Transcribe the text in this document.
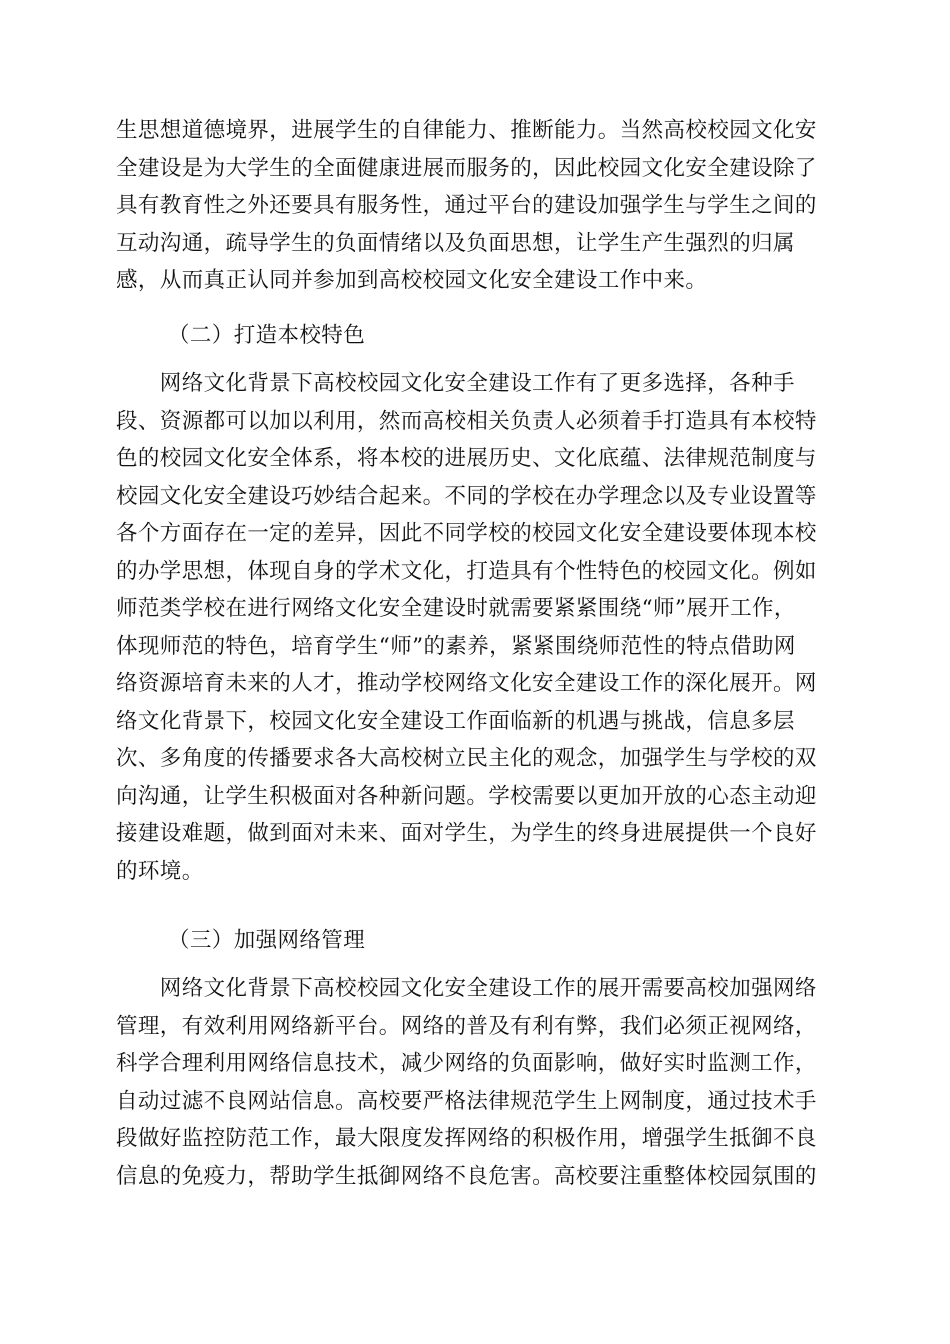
生思想道德境界，进展学生的自律能力、推断能力。当然高校校园文化安
全建设是为大学生的全面健康进展而服务的，因此校园文化安全建设除了
具有教育性之外还要具有服务性，通过平台的建设加强学生与学生之间的
互动沟通，疏导学生的负面情绪以及负面思想，让学生产生强烈的归属
感，从而真正认同并参加到高校校园文化安全建设工作中来。
（二）打造本校特色
　　网络文化背景下高校校园文化安全建设工作有了更多选择，各种手
段、资源都可以加以利用，然而高校相关负责人必须着手打造具有本校特
色的校园文化安全体系，将本校的进展历史、文化底蕴、法律规范制度与
校园文化安全建设巧妙结合起来。不同的学校在办学理念以及专业设置等
各个方面存在一定的差异，因此不同学校的校园文化安全建设要体现本校
的办学思想，体现自身的学术文化，打造具有个性特色的校园文化。例如
师范类学校在进行网络文化安全建设时就需要紧紧围绕“师”展开工作，
体现师范的特色，培育学生“师”的素养，紧紧围绕师范性的特点借助网
络资源培育未来的人才，推动学校网络文化安全建设工作的深化展开。网
络文化背景下，校园文化安全建设工作面临新的机遇与挑战，信息多层
次、多角度的传播要求各大高校树立民主化的观念，加强学生与学校的双
向沟通，让学生积极面对各种新问题。学校需要以更加开放的心态主动迎
接建设难题，做到面对未来、面对学生，为学生的终身进展提供一个良好
的环境。
（三）加强网络管理
　　网络文化背景下高校校园文化安全建设工作的展开需要高校加强网络
管理，有效利用网络新平台。网络的普及有利有弊，我们必须正视网络，
科学合理利用网络信息技术，减少网络的负面影响，做好实时监测工作，
自动过滤不良网站信息。高校要严格法律规范学生上网制度，通过技术手
段做好监控防范工作，最大限度发挥网络的积极作用，增强学生抵御不良
信息的免疫力，帮助学生抵御网络不良危害。高校要注重整体校园氛围的
